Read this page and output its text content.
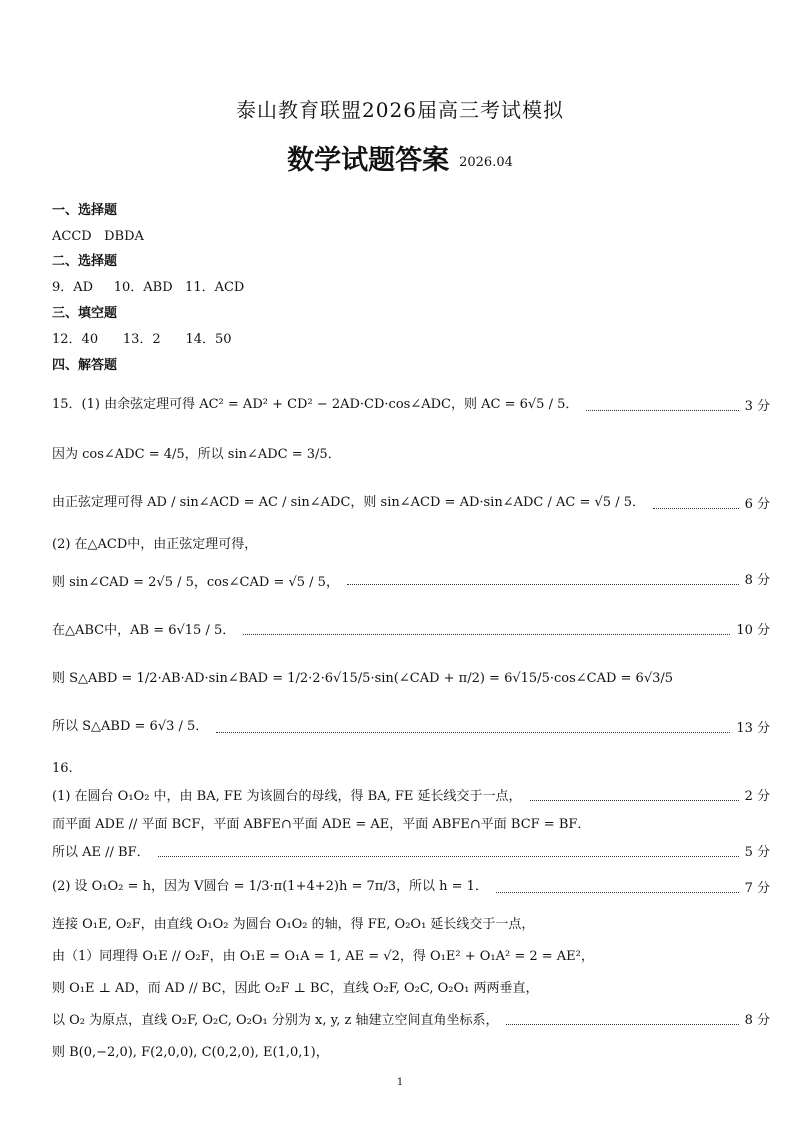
泰山教育联盟2026届高三考试模拟
数学试题答案 2026.04
一、选择题
ACCD   DBDA
二、选择题
9．AD     10．ABD   11．ACD
三、填空题
12．40      13．2      14．50
四、解答题
15．(1) 由余弦定理可得 AC² = AD² + CD² − 2AD·CD·cos∠ADC，则 AC = 6√5 / 5．	3 分
因为 cos∠ADC = 4/5，所以 sin∠ADC = 3/5．
由正弦定理可得 AD / sin∠ACD = AC / sin∠ADC，则 sin∠ACD = AD·sin∠ADC / AC = √5 / 5．	6 分
(2) 在△ACD中，由正弦定理可得，
则 sin∠CAD = 2√5 / 5，cos∠CAD = √5 / 5，	8 分
在△ABC中，AB = 6√15 / 5．	10 分
则 S△ABD = 1/2·AB·AD·sin∠BAD = 1/2·2·6√15/5·sin(∠CAD + π/2) = 6√15/5·cos∠CAD = 6√3/5
所以 S△ABD = 6√3 / 5．	13 分
16.
(1) 在圆台 O₁O₂ 中，由 BA, FE 为该圆台的母线，得 BA, FE 延长线交于一点，	2 分
而平面 ADE // 平面 BCF，平面 ABFE∩平面 ADE = AE，平面 ABFE∩平面 BCF = BF．
所以 AE // BF．	5 分
(2) 设 O₁O₂ = h，因为 V圆台 = 1/3·π(1+4+2)h = 7π/3，所以 h = 1．	7 分
连接 O₁E, O₂F，由直线 O₁O₂ 为圆台 O₁O₂ 的轴，得 FE, O₂O₁ 延长线交于一点，
由（1）同理得 O₁E // O₂F，由 O₁E = O₁A = 1, AE = √2，得 O₁E² + O₁A² = 2 = AE²，
则 O₁E ⊥ AD，而 AD // BC，因此 O₂F ⊥ BC，直线 O₂F, O₂C, O₂O₁ 两两垂直，
以 O₂ 为原点，直线 O₂F, O₂C, O₂O₁ 分别为 x, y, z 轴建立空间直角坐标系，	8 分
则 B(0,−2,0), F(2,0,0), C(0,2,0), E(1,0,1)，
1
